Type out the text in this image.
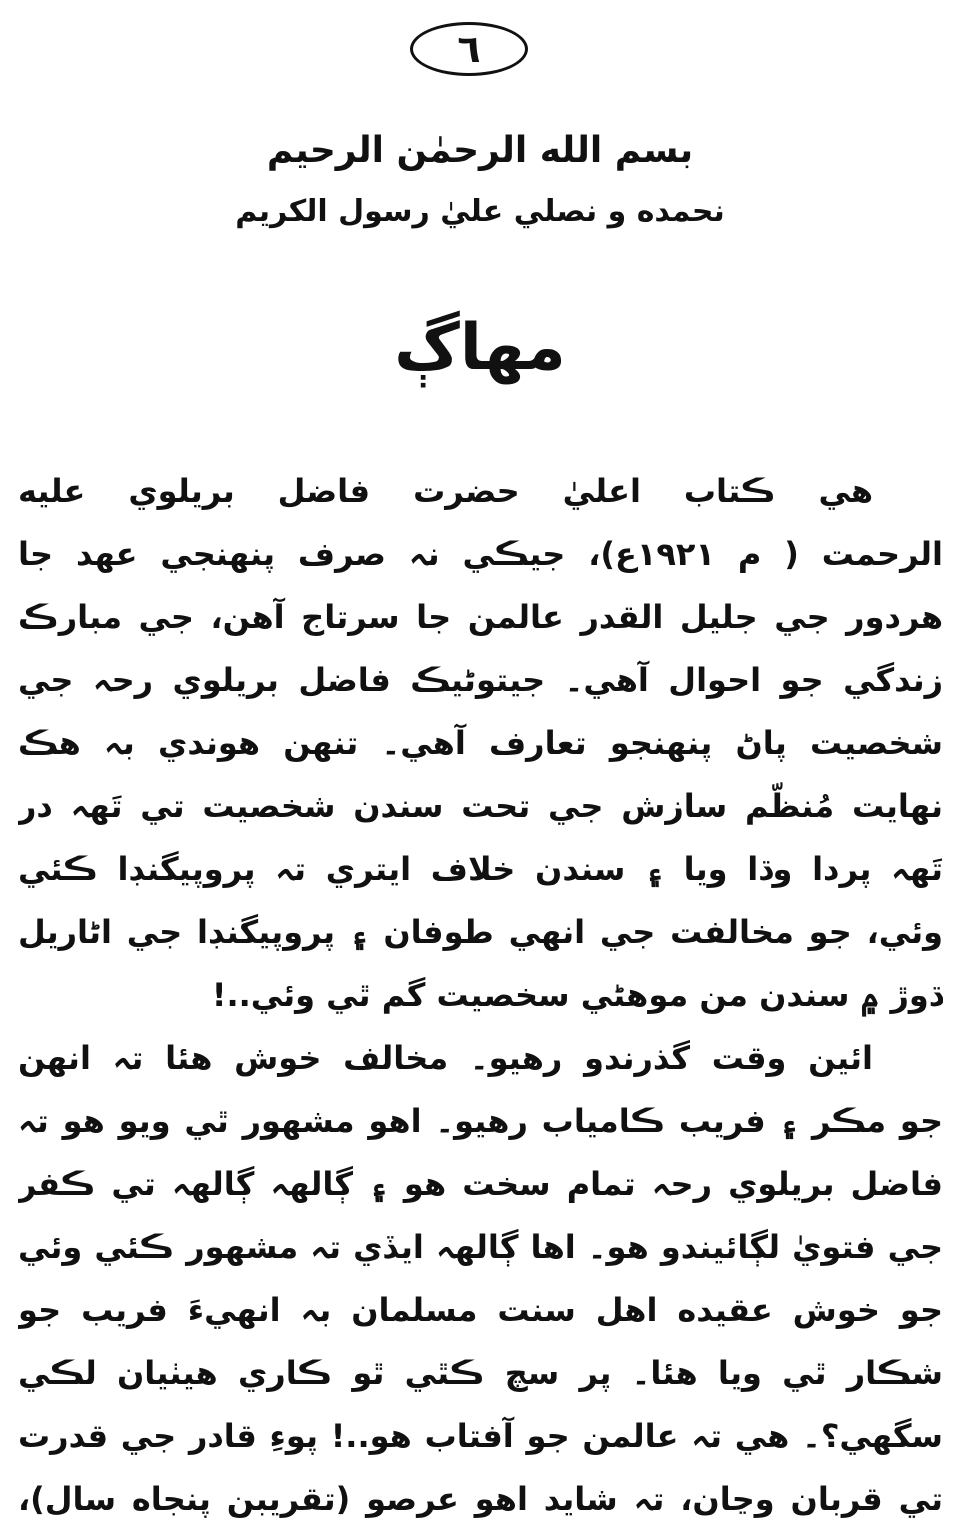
٦
بسم الله الرحمٰن الرحيم
نحمده و نصلي عليٰ رسول الكريم
مهاڳ
هي ڪتاب اعليٰ حضرت فاضل بريلوي عليه
الرحمت ( م ١٩٢١ع)، جيڪي نہ صرف پنھنجي عهد جا
هردور جي جليل القدر عالمن جا سرتاج آهن، جي مبارڪ
زندگي جو احوال آهي۔ جيتوڻيڪ فاضل بريلوي رحہ جي
شخصيت پاڻ پنھنجو تعارف آهي۔ تنھن هوندي بہ هڪ
نهايت مُنظّم سازش جي تحت سندن شخصيت تي تَهہ در
تَهہ پردا وڌا ويا ۽ سندن خلاف ايتري تہ پروپيگنڊا ڪئي
وئي، جو مخالفت جي انھي طوفان ۽ پروپيگنڊا جي اڻاريل
ڌوڙ ۾ سندن من موهڻي سخصيت گم ٿي وئي..!
ائين وقت گذرندو رهيو۔ مخالف خوش هئا تہ انھن
جو مڪر ۽ فريب ڪامياب رهيو۔ اهو مشهور ٿي ويو هو تہ
فاضل بريلوي رحہ تمام سخت هو ۽ ڳالهہ ڳالهہ تي ڪفر
جي فتويٰ لڳائيندو هو۔ اها ڳالهہ ايڏي تہ مشهور ڪئي وئي
جو خوش عقيده اهل سنت مسلمان بہ انھيءَ فريب جو
شڪار ٿي ويا هئا۔ پر سچ ڪٿي ٿو ڪاري هيٺيان لڪي
سگھي؟۔ هي تہ عالمن جو آفتاب هو..! پوءِ قادر جي قدرت
تي قربان وڃان، تہ شايد اهو عرصو (تقريبن پنجاه سال)،
